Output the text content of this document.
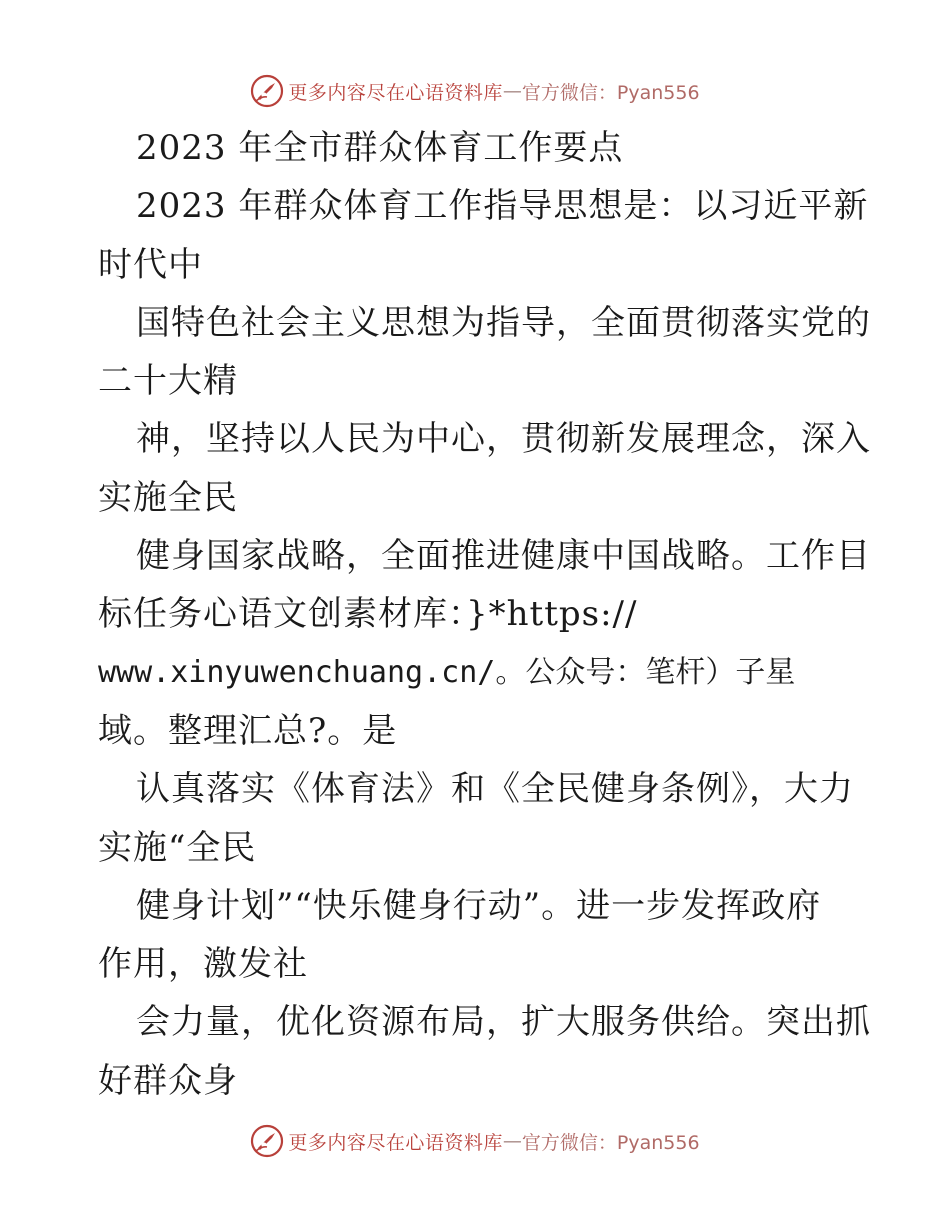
更多内容尽在心语资料库 — 官方微信：Pyan556
2023 年全市群众体育工作要点
2023 年群众体育工作指导思想是：以习近平新
时代中
国特色社会主义思想为指导，全面贯彻落实党的
二十大精
神，坚持以人民为中心，贯彻新发展理念，深入
实施全民
健身国家战略，全面推进健康中国战略。工作目
标任务心语文创素材库：}*https://
www.xinyuwenchuang.cn/。公众号：笔杆）子星
域。整理汇总?。是
认真落实《体育法》和《全民健身条例》，大力
实施“全民
健身计划”“快乐健身行动”。进一步发挥政府
作用，激发社
会力量，优化资源布局，扩大服务供给。突出抓
好群众身
更多内容尽在心语资料库 — 官方微信：Pyan556
